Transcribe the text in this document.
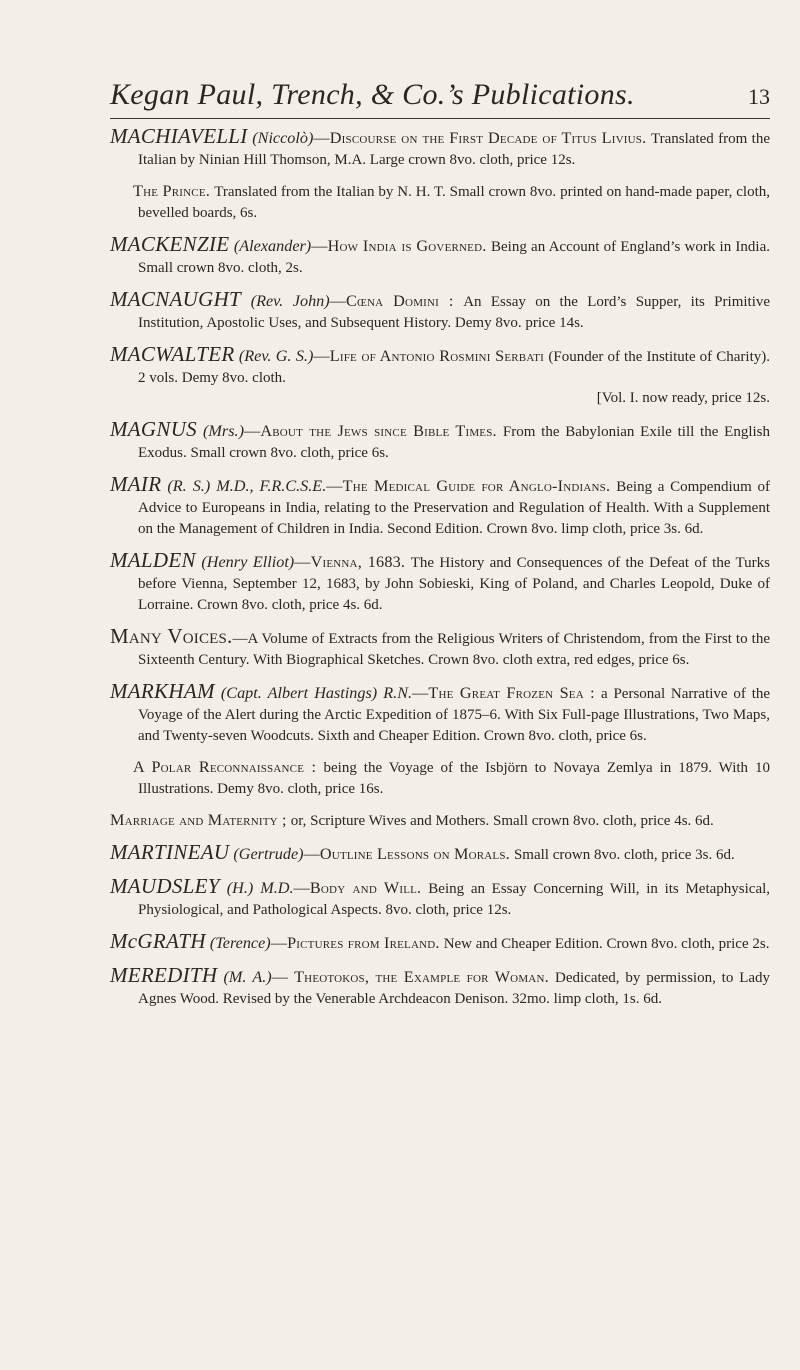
Kegan Paul, Trench, & Co.’s Publications.	13

MACHIAVELLI (Niccolò)—Discourse on the First Decade of Titus Livius. Translated from the Italian by Ninian Hill Thomson, M.A. Large crown 8vo. cloth, price 12s.

The Prince. Translated from the Italian by N. H. T. Small crown 8vo. printed on hand-made paper, cloth, bevelled boards, 6s.

MACKENZIE (Alexander)—How India is Governed. Being an Account of England’s work in India. Small crown 8vo. cloth, 2s.

MACNAUGHT (Rev. John)—Cœna Domini : An Essay on the Lord’s Supper, its Primitive Institution, Apostolic Uses, and Subsequent History. Demy 8vo. price 14s.

MACWALTER (Rev. G. S.)—Life of Antonio Rosmini Serbati (Founder of the Institute of Charity). 2 vols. Demy 8vo. cloth.
[Vol. I. now ready, price 12s.

MAGNUS (Mrs.)—About the Jews since Bible Times. From the Babylonian Exile till the English Exodus. Small crown 8vo. cloth, price 6s.

MAIR (R. S.) M.D., F.R.C.S.E.—The Medical Guide for Anglo-Indians. Being a Compendium of Advice to Europeans in India, relating to the Preservation and Regulation of Health. With a Supplement on the Management of Children in India. Second Edition. Crown 8vo. limp cloth, price 3s. 6d.

MALDEN (Henry Elliot)—Vienna, 1683. The History and Consequences of the Defeat of the Turks before Vienna, September 12, 1683, by John Sobieski, King of Poland, and Charles Leopold, Duke of Lorraine. Crown 8vo. cloth, price 4s. 6d.

Many Voices.—A Volume of Extracts from the Religious Writers of Christendom, from the First to the Sixteenth Century. With Biographical Sketches. Crown 8vo. cloth extra, red edges, price 6s.

MARKHAM (Capt. Albert Hastings) R.N.—The Great Frozen Sea : a Personal Narrative of the Voyage of the Alert during the Arctic Expedition of 1875–6. With Six Full-page Illustrations, Two Maps, and Twenty-seven Woodcuts. Sixth and Cheaper Edition. Crown 8vo. cloth, price 6s.

A Polar Reconnaissance : being the Voyage of the Isbjörn to Novaya Zemlya in 1879. With 10 Illustrations. Demy 8vo. cloth, price 16s.

Marriage and Maternity ; or, Scripture Wives and Mothers. Small crown 8vo. cloth, price 4s. 6d.

MARTINEAU (Gertrude)—Outline Lessons on Morals. Small crown 8vo. cloth, price 3s. 6d.

MAUDSLEY (H.) M.D.—Body and Will. Being an Essay Concerning Will, in its Metaphysical, Physiological, and Pathological Aspects. 8vo. cloth, price 12s.

McGRATH (Terence)—Pictures from Ireland. New and Cheaper Edition. Crown 8vo. cloth, price 2s.

MEREDITH (M. A.)— Theotokos, the Example for Woman. Dedicated, by permission, to Lady Agnes Wood. Revised by the Venerable Archdeacon Denison. 32mo. limp cloth, 1s. 6d.
